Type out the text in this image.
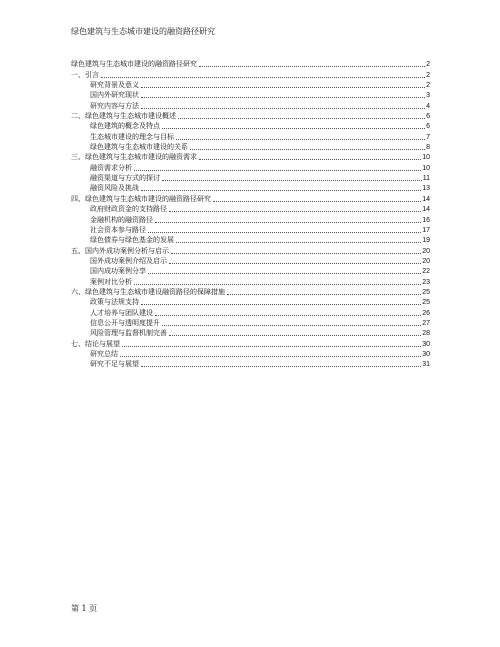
绿色建筑与生态城市建设的融资路径研究
绿色建筑与生态城市建设的融资路径研究	2
一、引言	2
研究背景及意义	2
国内外研究现状	3
研究内容与方法	4
二、绿色建筑与生态城市建设概述	6
绿色建筑的概念及特点	6
生态城市建设的理念与目标	7
绿色建筑与生态城市建设的关系	8
三、绿色建筑与生态城市建设的融资需求	10
融资需求分析	10
融资渠道与方式的探讨	11
融资风险及挑战	13
四、绿色建筑与生态城市建设的融资路径研究	14
政府财政资金的支持路径	14
金融机构的融资路径	16
社会资本参与路径	17
绿色债券与绿色基金的发展	19
五、国内外成功案例分析与启示	20
国外成功案例介绍及启示	20
国内成功案例分享	22
案例对比分析	23
六、绿色建筑与生态城市建设融资路径的保障措施	25
政策与法规支持	25
人才培养与团队建设	26
信息公开与透明度提升	27
风险管理与监督机制完善	28
七、结论与展望	30
研究总结	30
研究不足与展望	31
第 1 页
